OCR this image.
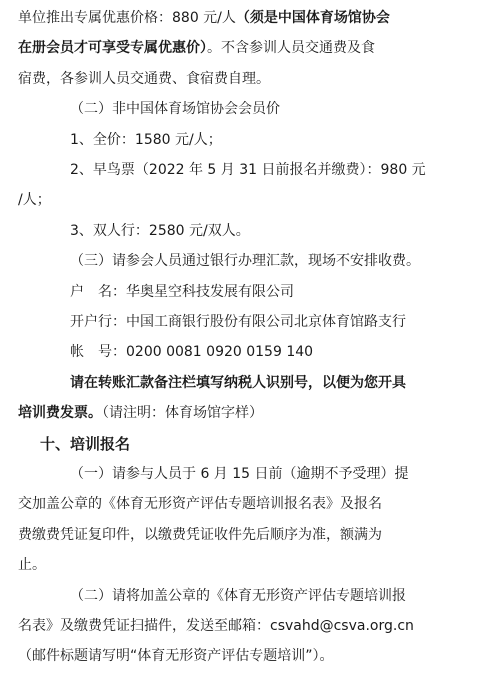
单位推出专属优惠价格：880 元/人（须是中国体育场馆协会
在册会员才可享受专属优惠价）。不含参训人员交通费及食
宿费，各参训人员交通费、食宿费自理。
（二）非中国体育场馆协会会员价
1、全价：1580 元/人；
2、早鸟票（2022 年 5 月 31 日前报名并缴费）：980 元
/人；
3、双人行：2580 元/双人。
（三）请参会人员通过银行办理汇款，现场不安排收费。
户　名：华奥星空科技发展有限公司
开户行：中国工商银行股份有限公司北京体育馆路支行
帐　号：0200 0081 0920 0159 140
请在转账汇款备注栏填写纳税人识别号，以便为您开具
培训费发票。（请注明：体育场馆字样）
十、培训报名
（一）请参与人员于 6 月 15 日前（逾期不予受理）提
交加盖公章的《体育无形资产评估专题培训报名表》及报名
费缴费凭证复印件，以缴费凭证收件先后顺序为准，额满为
止。
（二）请将加盖公章的《体育无形资产评估专题培训报
名表》及缴费凭证扫描件，发送至邮箱：csvahd@csva.org.cn
（邮件标题请写明“体育无形资产评估专题培训”）。
